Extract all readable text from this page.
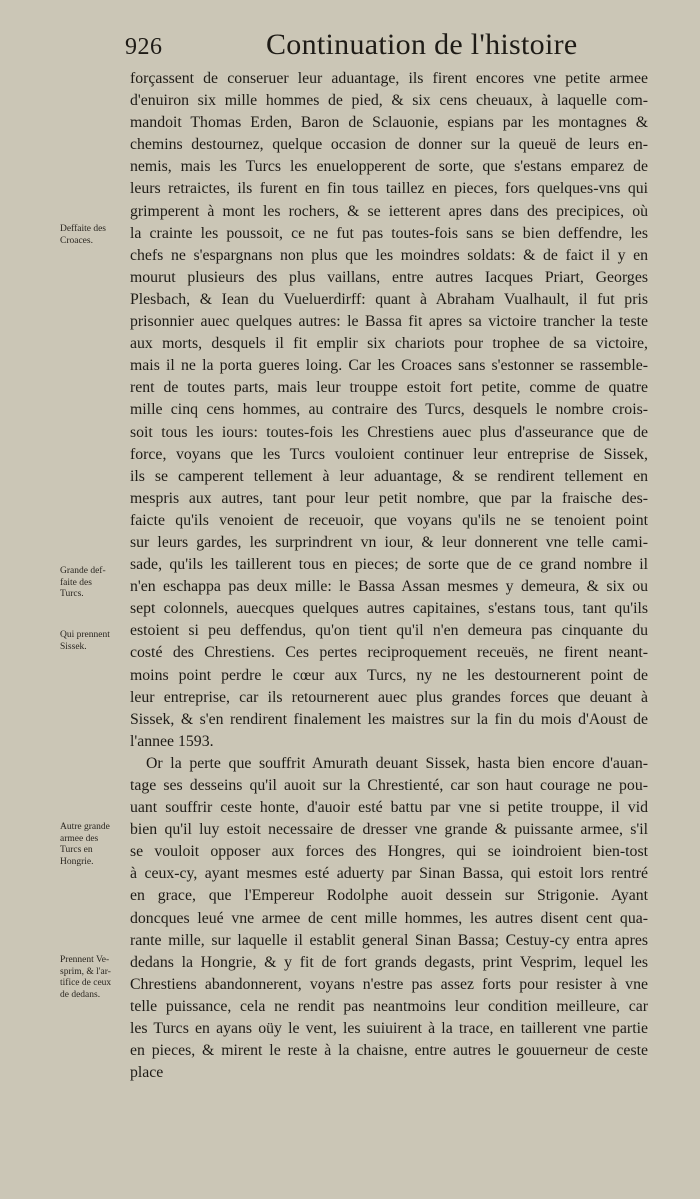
926	Continuation de l'histoire
Deffaite des
Croaces.
Grande def-
faite des
Turcs.
Qui prennent
Sissek.
Autre grande
armee des
Turcs en
Hongrie.
Prennent Ve-
sprim, & l'ar-
tifice de ceux
de dedans.
forçassent de conseruer leur aduantage, ils firent encores vne petite armee
d'enuiron six mille hommes de pied, & six cens cheuaux, à laquelle com-
mandoit Thomas Erden, Baron de Sclauonie, espians par les montagnes &
chemins destournez, quelque occasion de donner sur la queuë de leurs en-
nemis, mais les Turcs les enuelopperent de sorte, que s'estans emparez de
leurs retraictes, ils furent en fin tous taillez en pieces, fors quelques-vns qui
grimperent à mont les rochers, & se ietterent apres dans des precipices, où
la crainte les poussoit, ce ne fut pas toutes-fois sans se bien deffendre, les
chefs ne s'espargnans non plus que les moindres soldats: & de faict il y en
mourut plusieurs des plus vaillans, entre autres Iacques Priart, Georges
Plesbach, & Iean du Vueluerdirff: quant à Abraham Vualhault, il fut pris
prisonnier auec quelques autres: le Bassa fit apres sa victoire trancher la teste
aux morts, desquels il fit emplir six chariots pour trophee de sa victoire,
mais il ne la porta gueres loing. Car les Croaces sans s'estonner se rassemble-
rent de toutes parts, mais leur trouppe estoit fort petite, comme de quatre
mille cinq cens hommes, au contraire des Turcs, desquels le nombre crois-
soit tous les iours: toutes-fois les Chrestiens auec plus d'asseurance que de
force, voyans que les Turcs vouloient continuer leur entreprise de Sissek,
ils se camperent tellement à leur aduantage, & se rendirent tellement en
mespris aux autres, tant pour leur petit nombre, que par la fraische des-
faicte qu'ils venoient de receuoir, que voyans qu'ils ne se tenoient point
sur leurs gardes, les surprindrent vn iour, & leur donnerent vne telle cami-
sade, qu'ils les taillerent tous en pieces; de sorte que de ce grand nombre il
n'en eschappa pas deux mille: le Bassa Assan mesmes y demeura, & six ou
sept colonnels, auecques quelques autres capitaines, s'estans tous, tant qu'ils
estoient si peu deffendus, qu'on tient qu'il n'en demeura pas cinquante du
costé des Chrestiens. Ces pertes reciproquement receuës, ne firent neant-
moins point perdre le cœur aux Turcs, ny ne les destournerent point de
leur entreprise, car ils retournerent auec plus grandes forces que deuant à
Sissek, & s'en rendirent finalement les maistres sur la fin du mois d'Aoust de
l'annee 1593.
Or la perte que souffrit Amurath deuant Sissek, hasta bien encore d'auan-
tage ses desseins qu'il auoit sur la Chrestienté, car son haut courage ne pou-
uant souffrir ceste honte, d'auoir esté battu par vne si petite trouppe, il vid
bien qu'il luy estoit necessaire de dresser vne grande & puissante armee, s'il
se vouloit opposer aux forces des Hongres, qui se ioindroient bien-tost
à ceux-cy, ayant mesmes esté aduerty par Sinan Bassa, qui estoit lors rentré
en grace, que l'Empereur Rodolphe auoit dessein sur Strigonie. Ayant
doncques leué vne armee de cent mille hommes, les autres disent cent qua-
rante mille, sur laquelle il establit general Sinan Bassa; Cestuy-cy entra apres
dedans la Hongrie, & y fit de fort grands degasts, print Vesprim, lequel les
Chrestiens abandonnerent, voyans n'estre pas assez forts pour resister à vne
telle puissance, cela ne rendit pas neantmoins leur condition meilleure, car
les Turcs en ayans oüy le vent, les suiuirent à la trace, en taillerent vne partie
en pieces, & mirent le reste à la chaisne, entre autres le gouuerneur de ceste
place
